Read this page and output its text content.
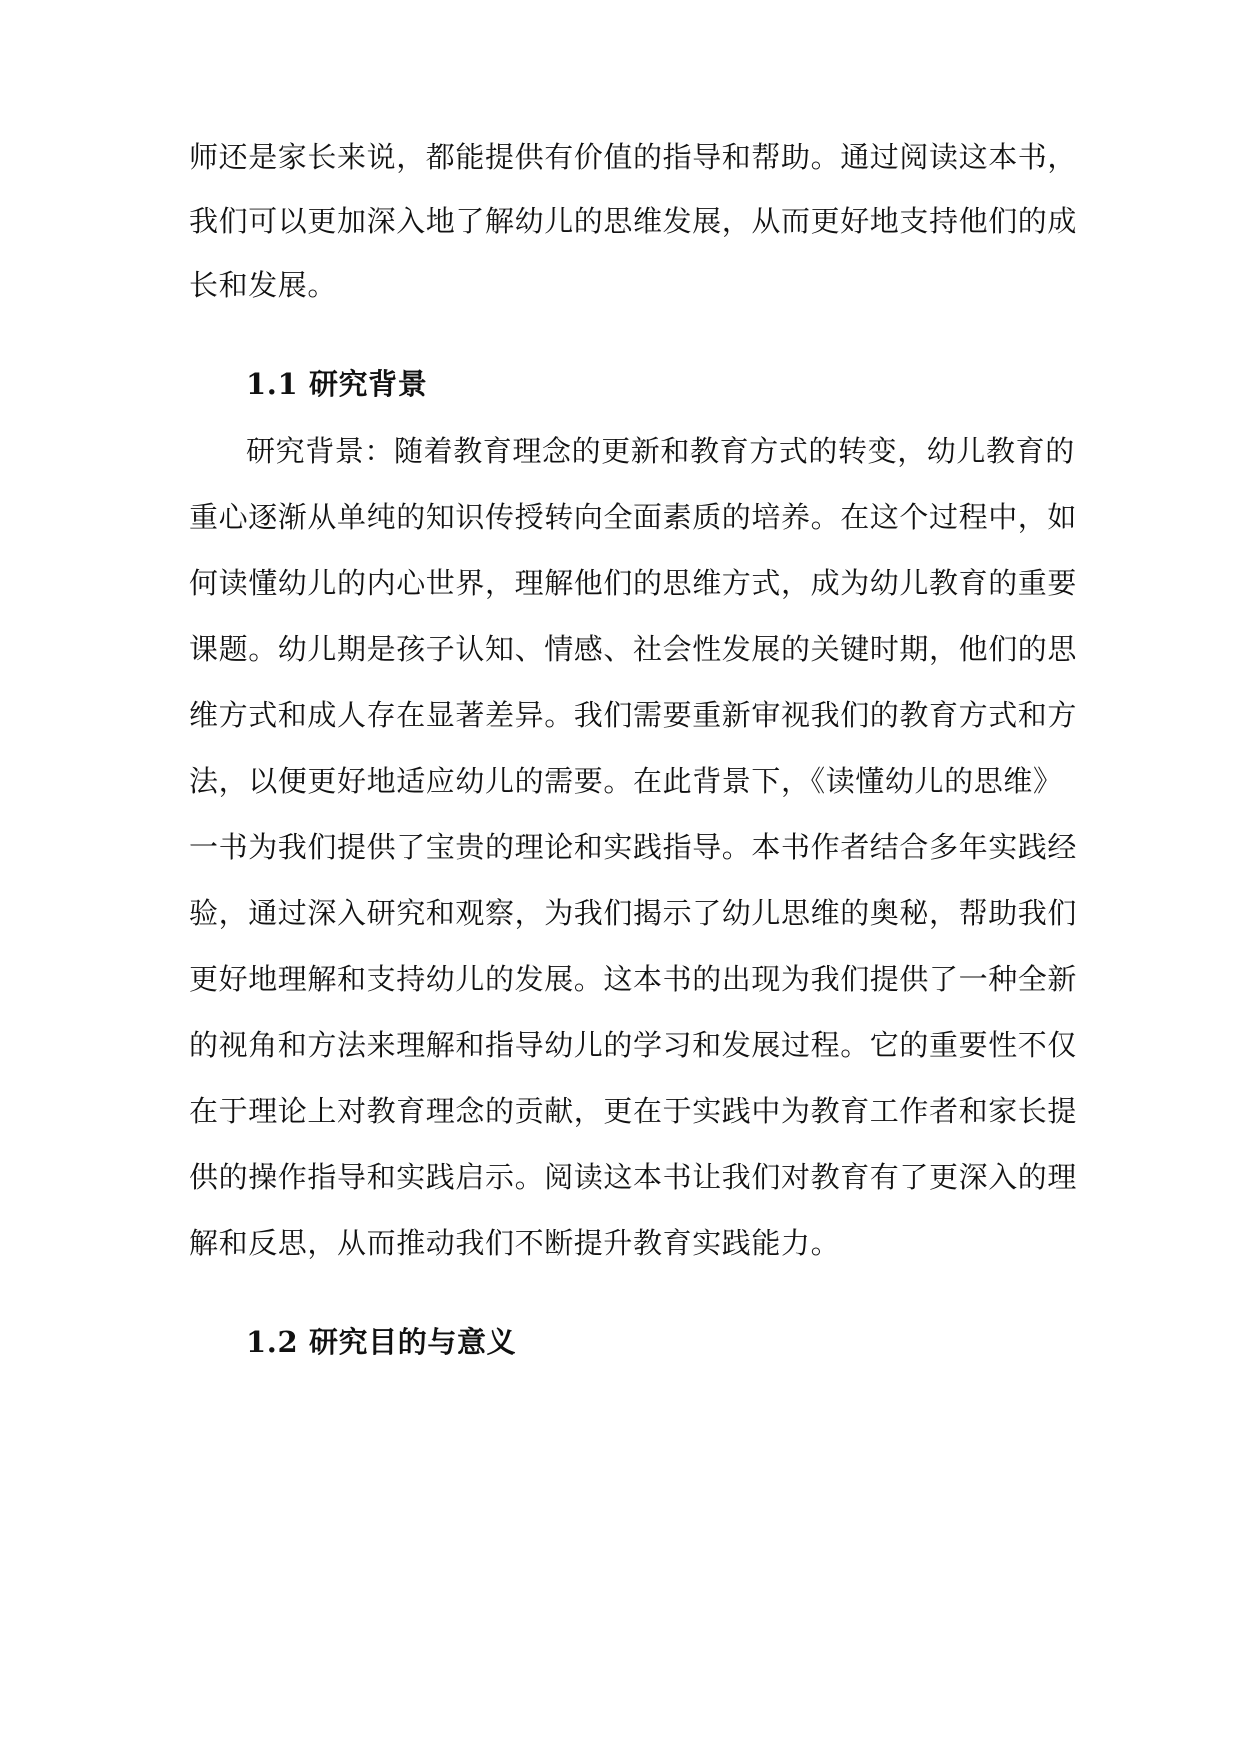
师还是家长来说，都能提供有价值的指导和帮助。通过阅读这本书，
我们可以更加深入地了解幼儿的思维发展，从而更好地支持他们的成
长和发展。
1.1 研究背景
研究背景：随着教育理念的更新和教育方式的转变，幼儿教育的
重心逐渐从单纯的知识传授转向全面素质的培养。在这个过程中，如
何读懂幼儿的内心世界，理解他们的思维方式，成为幼儿教育的重要
课题。幼儿期是孩子认知、情感、社会性发展的关键时期，他们的思
维方式和成人存在显著差异。我们需要重新审视我们的教育方式和方
法，以便更好地适应幼儿的需要。在此背景下，《读懂幼儿的思维》
一书为我们提供了宝贵的理论和实践指导。本书作者结合多年实践经
验，通过深入研究和观察，为我们揭示了幼儿思维的奥秘，帮助我们
更好地理解和支持幼儿的发展。这本书的出现为我们提供了一种全新
的视角和方法来理解和指导幼儿的学习和发展过程。它的重要性不仅
在于理论上对教育理念的贡献，更在于实践中为教育工作者和家长提
供的操作指导和实践启示。阅读这本书让我们对教育有了更深入的理
解和反思，从而推动我们不断提升教育实践能力。
1.2 研究目的与意义
